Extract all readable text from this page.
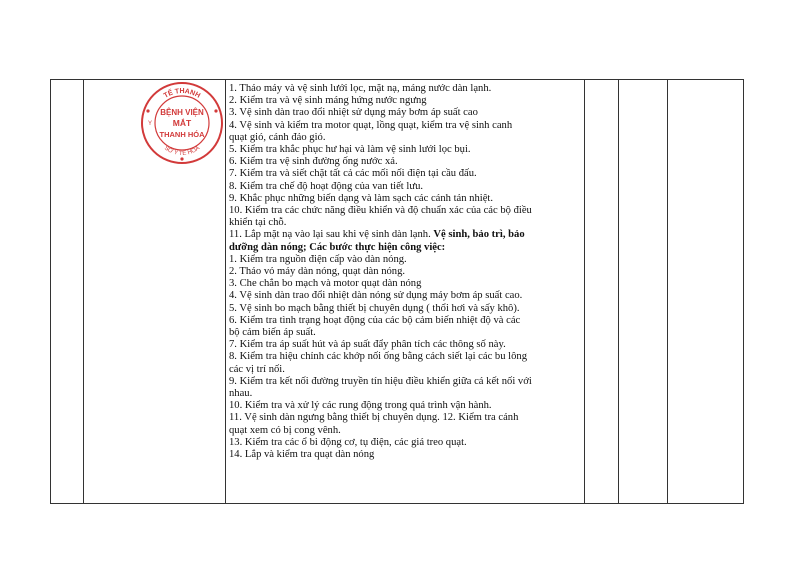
TẾ THANH
SỞ Y TẾ HÓA
Y
BỆNH VIỆN
MẮT
THANH HÓA

1. Tháo máy và vệ sinh lưới lọc, mặt nạ, máng nước dàn lạnh.

2. Kiểm tra và vệ sinh máng hứng nước ngưng

3. Vệ sinh dàn trao đổi nhiệt sử dụng máy bơm áp suất cao

4. Vệ sinh và kiểm tra motor quạt, lồng quạt, kiểm tra vệ sinh canh

quạt gió, cánh đảo gió.

5. Kiểm tra khắc phục hư hại và làm vệ sinh lưới lọc bụi.

6. Kiểm tra vệ sinh đường ống nước xả.

7. Kiểm tra và siết chặt tất cả các mối nối điện tại cầu đấu.

8. Kiểm tra chế độ hoạt động của van tiết lưu.

9. Khắc phục những biến dạng và làm sạch các cánh tản nhiệt.

10. Kiểm tra các chức năng điều khiển và độ chuẩn xác của các bộ điều

khiển tại chỗ.

11. Lắp mặt nạ vào lại sau khi vệ sinh dàn lạnh. Vệ sinh, bảo trì, bảo

dưỡng dàn nóng; Các bước thực hiện công việc:

1. Kiểm tra nguồn điện cấp vào dàn nóng.

2. Tháo vỏ máy dàn nóng, quạt dàn nóng.

3. Che chắn bo mạch và motor quạt dàn nóng

4. Vệ sinh dàn trao đổi nhiệt dàn nóng sử dụng máy bơm áp suất cao.

5. Vệ sinh bo mạch bằng thiết bị chuyên dụng ( thổi hơi và sấy khô).

6. Kiểm tra tình trạng hoạt động của các bộ cảm biến nhiệt độ và các

bộ cảm biến áp suất.

7. Kiểm tra áp suất hút và áp suất đẩy phân tích các thông số này.

8. Kiểm tra hiệu chỉnh các khớp nối ống bằng cách siết lại các bu lông

các vị trí nối.

9. Kiểm tra kết nối đường truyền tín hiệu điều khiển giữa cá kết nối với

nhau.

10. Kiểm tra và xử lý các rung động trong quá trình vận hành.

11. Vệ sinh dàn ngưng bằng thiết bị chuyên dụng. 12. Kiểm tra cánh

quạt xem có bị cong vênh.

13. Kiểm tra các ổ bi động cơ, tụ điện, các giá treo quạt.

14. Lắp và kiểm tra quạt dàn nóng
